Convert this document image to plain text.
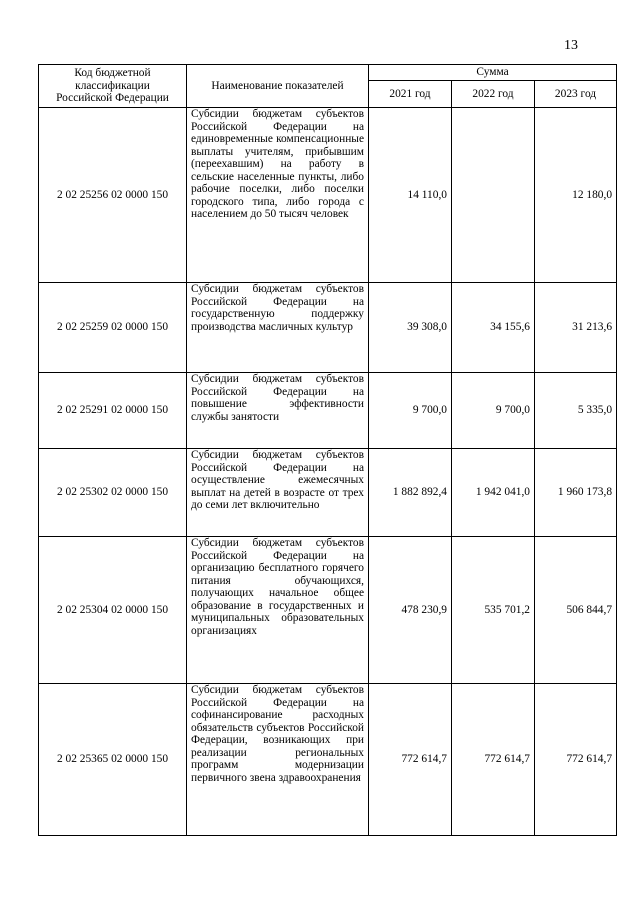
13
Код бюджетной классификации Российской Федерации	Наименование показателей	Сумма		
		2021 год	2022 год	2023 год
2 02 25256 02 0000 150	Субсидии бюджетам субъектов Российской Федерации на единовременные компенсационные выплаты учителям, прибывшим (переехавшим) на работу в сельские населенные пункты, либо рабочие поселки, либо поселки городского типа, либо города с населением до 50 тысяч человек	14 110,0		12 180,0
2 02 25259 02 0000 150	Субсидии бюджетам субъектов Российской Федерации на государственную поддержку производства масличных культур	39 308,0	34 155,6	31 213,6
2 02 25291 02 0000 150	Субсидии бюджетам субъектов Российской Федерации на повышение эффективности службы занятости	9 700,0	9 700,0	5 335,0
2 02 25302 02 0000 150	Субсидии бюджетам субъектов Российской Федерации на осуществление ежемесячных выплат на детей в возрасте от трех до семи лет включительно	1 882 892,4	1 942 041,0	1 960 173,8
2 02 25304 02 0000 150	Субсидии бюджетам субъектов Российской Федерации на организацию бесплатного горячего питания обучающихся, получающих начальное общее образование в государственных и муниципальных образовательных организациях	478 230,9	535 701,2	506 844,7
2 02 25365 02 0000 150	Субсидии бюджетам субъектов Российской Федерации на софинансирование расходных обязательств субъектов Российской Федерации, возникающих при реализации региональных программ модернизации первичного звена здравоохранения	772 614,7	772 614,7	772 614,7
